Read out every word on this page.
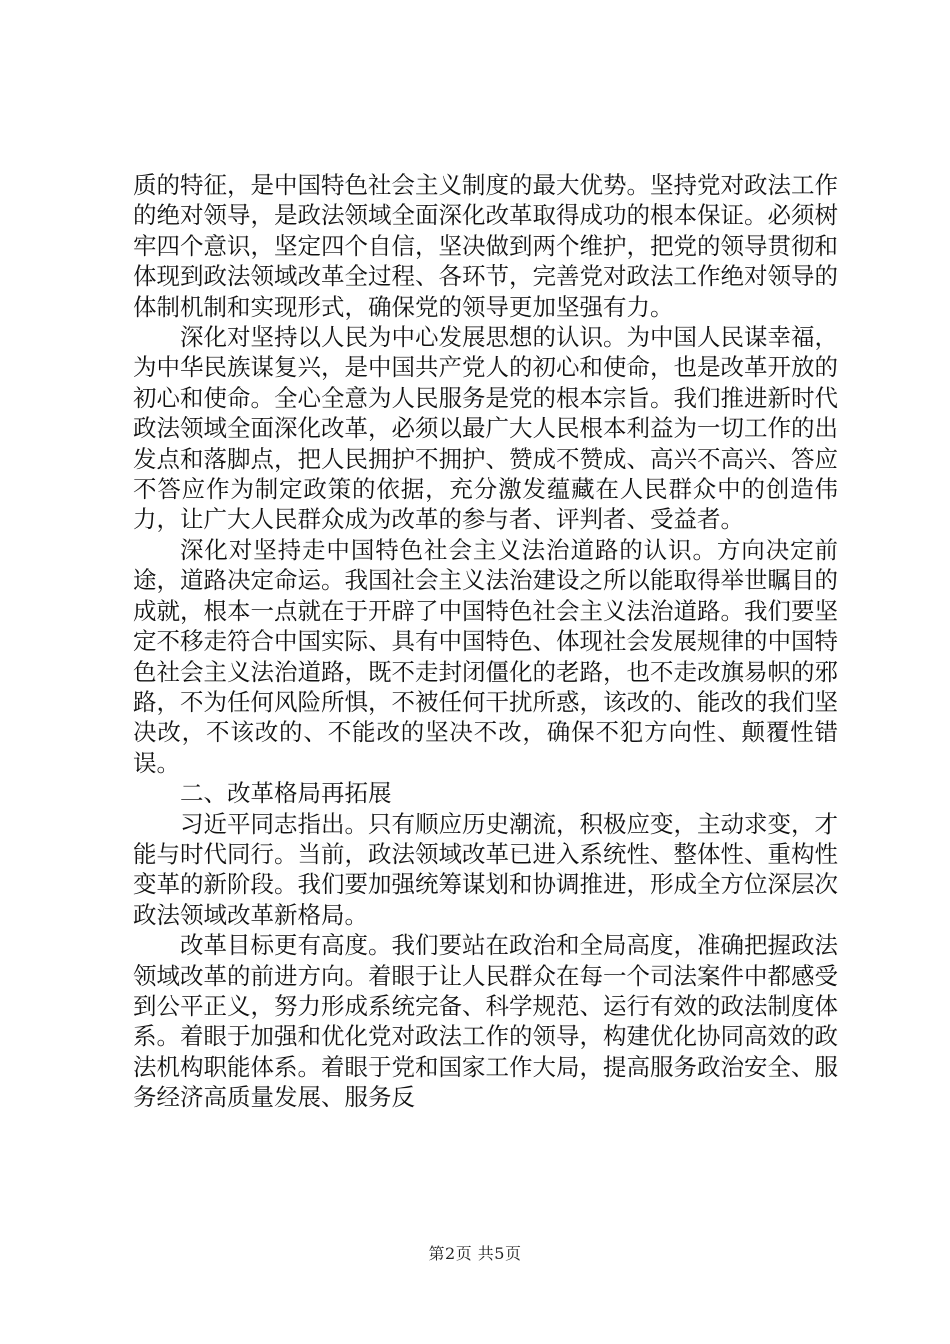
质的特征，是中国特色社会主义制度的最大优势。坚持党对政法工作的绝对领导，是政法领域全面深化改革取得成功的根本保证。必须树牢四个意识，坚定四个自信，坚决做到两个维护，把党的领导贯彻和体现到政法领域改革全过程、各环节，完善党对政法工作绝对领导的体制机制和实现形式，确保党的领导更加坚强有力。

深化对坚持以人民为中心发展思想的认识。为中国人民谋幸福，为中华民族谋复兴，是中国共产党人的初心和使命，也是改革开放的初心和使命。全心全意为人民服务是党的根本宗旨。我们推进新时代政法领域全面深化改革，必须以最广大人民根本利益为一切工作的出发点和落脚点，把人民拥护不拥护、赞成不赞成、高兴不高兴、答应不答应作为制定政策的依据，充分激发蕴藏在人民群众中的创造伟力，让广大人民群众成为改革的参与者、评判者、受益者。

深化对坚持走中国特色社会主义法治道路的认识。方向决定前途，道路决定命运。我国社会主义法治建设之所以能取得举世瞩目的成就，根本一点就在于开辟了中国特色社会主义法治道路。我们要坚定不移走符合中国实际、具有中国特色、体现社会发展规律的中国特色社会主义法治道路，既不走封闭僵化的老路，也不走改旗易帜的邪路，不为任何风险所惧，不被任何干扰所惑，该改的、能改的我们坚决改，不该改的、不能改的坚决不改，确保不犯方向性、颠覆性错误。

二、改革格局再拓展

习近平同志指出。只有顺应历史潮流，积极应变，主动求变，才能与时代同行。当前，政法领域改革已进入系统性、整体性、重构性变革的新阶段。我们要加强统筹谋划和协调推进，形成全方位深层次政法领域改革新格局。

改革目标更有高度。我们要站在政治和全局高度，准确把握政法领域改革的前进方向。着眼于让人民群众在每一个司法案件中都感受到公平正义，努力形成系统完备、科学规范、运行有效的政法制度体系。着眼于加强和优化党对政法工作的领导，构建优化协同高效的政法机构职能体系。着眼于党和国家工作大局，提高服务政治安全、服务经济高质量发展、服务反

第2页 共5页
